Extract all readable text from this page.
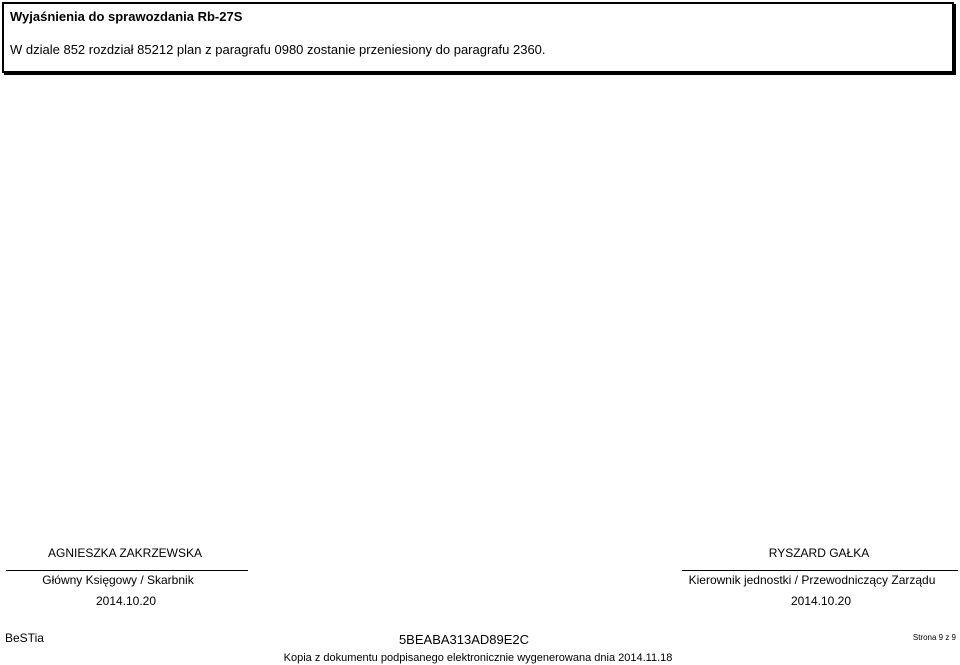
Wyjaśnienia do sprawozdania Rb-27S
W dziale 852 rozdział 85212 plan z paragrafu 0980 zostanie przeniesiony do paragrafu 2360.
AGNIESZKA ZAKRZEWSKA
Główny Księgowy / Skarbnik
2014.10.20
RYSZARD GAŁKA
Kierownik jednostki / Przewodniczący Zarządu
2014.10.20
BeSTia	5BEABA313AD89E2C	Strona 9 z 9
Kopia z dokumentu podpisanego elektronicznie wygenerowana dnia 2014.11.18
